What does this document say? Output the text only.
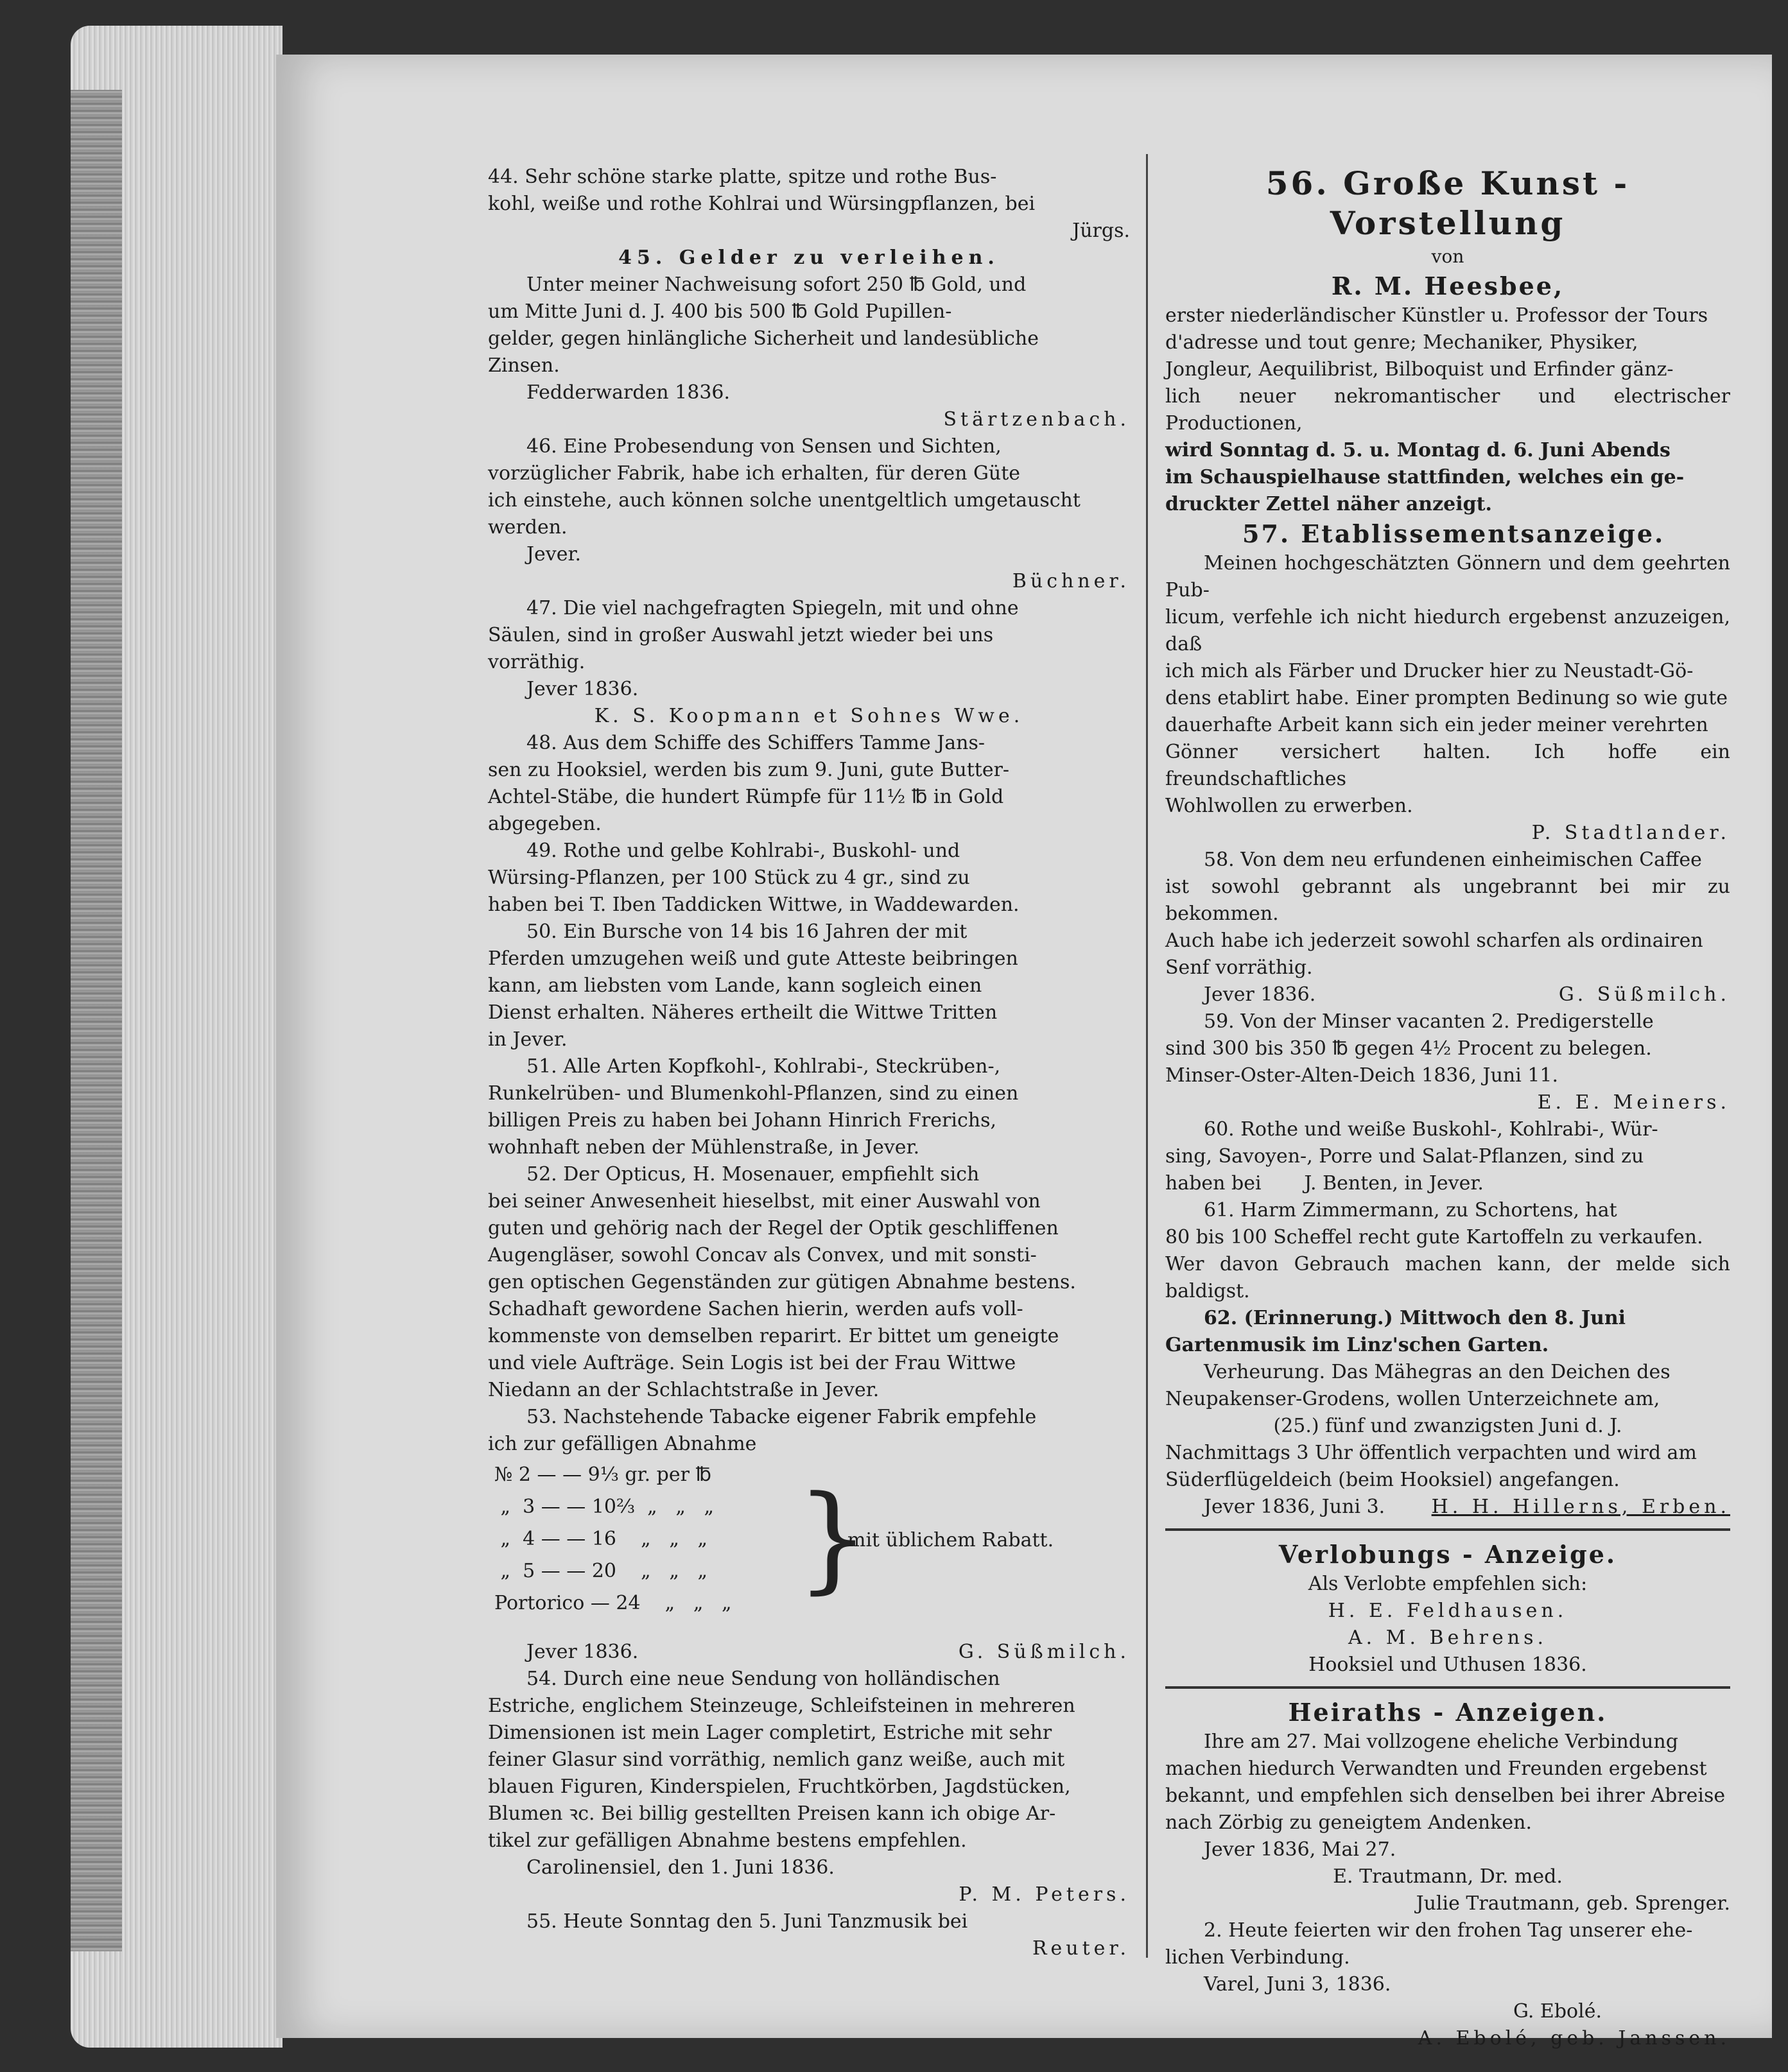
44. Sehr schöne starke platte, spitze und rothe Bus-

kohl, weiße und rothe Kohlrai und Würsingpflanzen, bei

Jürgs.

45. Gelder zu verleihen.

Unter meiner Nachweisung sofort 250 ℔ Gold, und

um Mitte Juni d. J. 400 bis 500 ℔ Gold Pupillen-

gelder, gegen hinlängliche Sicherheit und landesübliche

Zinsen.

Fedderwarden 1836.

Stärtzenbach.

46. Eine Probesendung von Sensen und Sichten,

vorzüglicher Fabrik, habe ich erhalten, für deren Güte

ich einstehe, auch können solche unentgeltlich umgetauscht

werden.

Jever.

Büchner.

47. Die viel nachgefragten Spiegeln, mit und ohne

Säulen, sind in großer Auswahl jetzt wieder bei uns

vorräthig.

Jever 1836.

K. S. Koopmann et Sohnes Wwe.

48. Aus dem Schiffe des Schiffers Tamme Jans-

sen zu Hooksiel, werden bis zum 9. Juni, gute Butter-

Achtel-Stäbe, die hundert Rümpfe für 11½ ℔ in Gold

abgegeben.

49. Rothe und gelbe Kohlrabi-, Buskohl- und

Würsing-Pflanzen, per 100 Stück zu 4 gr., sind zu

haben bei T. Iben Taddicken Wittwe, in Waddewarden.

50. Ein Bursche von 14 bis 16 Jahren der mit

Pferden umzugehen weiß und gute Atteste beibringen

kann, am liebsten vom Lande, kann sogleich einen

Dienst erhalten. Näheres ertheilt die Wittwe Tritten

in Jever.

51. Alle Arten Kopfkohl-, Kohlrabi-, Steckrüben-,

Runkelrüben- und Blumenkohl-Pflanzen, sind zu einen

billigen Preis zu haben bei Johann Hinrich Frerichs,

wohnhaft neben der Mühlenstraße, in Jever.

52. Der Opticus, H. Mosenauer, empfiehlt sich

bei seiner Anwesenheit hieselbst, mit einer Auswahl von

guten und gehörig nach der Regel der Optik geschliffenen

Augengläser, sowohl Concav als Convex, und mit sonsti-

gen optischen Gegenständen zur gütigen Abnahme bestens.

Schadhaft gewordene Sachen hierin, werden aufs voll-

kommenste von demselben reparirt. Er bittet um geneigte

und viele Aufträge. Sein Logis ist bei der Frau Wittwe

Niedann an der Schlachtstraße in Jever.

53. Nachstehende Tabacke eigener Fabrik empfehle

ich zur gefälligen Abnahme

№ 2 — — 9⅓ gr. per ℔
„  3 — — 10⅔  „   „   „
„  4 — — 16    „   „   „
„  5 — — 20    „   „   „
Portorico — 24    „   „   „ }
mit üblichem Rabatt.

Jever 1836.	G. Süßmilch.

54. Durch eine neue Sendung von holländischen

Estriche, englichem Steinzeuge, Schleifsteinen in mehreren

Dimensionen ist mein Lager completirt, Estriche mit sehr

feiner Glasur sind vorräthig, nemlich ganz weiße, auch mit

blauen Figuren, Kinderspielen, Fruchtkörben, Jagdstücken,

Blumen ꝛc. Bei billig gestellten Preisen kann ich obige Ar-

tikel zur gefälligen Abnahme bestens empfehlen.

Carolinensiel, den 1. Juni 1836.

P. M. Peters.

55. Heute Sonntag den 5. Juni Tanzmusik bei

Reuter.

56. Große Kunst - Vorstellung

von

R. M. Heesbee,

erster niederländischer Künstler u. Professor der Tours

d'adresse und tout genre; Mechaniker, Physiker,

Jongleur, Aequilibrist, Bilboquist und Erfinder gänz-

lich neuer nekromantischer und electrischer Productionen,

wird Sonntag d. 5. u. Montag d. 6. Juni Abends

im Schauspielhause stattfinden, welches ein ge-

druckter Zettel näher anzeigt.

57. Etablissementsanzeige.

Meinen hochgeschätzten Gönnern und dem geehrten Pub-

licum, verfehle ich nicht hiedurch ergebenst anzuzeigen, daß

ich mich als Färber und Drucker hier zu Neustadt-Gö-

dens etablirt habe. Einer prompten Bedinung so wie gute

dauerhafte Arbeit kann sich ein jeder meiner verehrten

Gönner versichert halten. Ich hoffe ein freundschaftliches

Wohlwollen zu erwerben.

P. Stadtlander.

58. Von dem neu erfundenen einheimischen Caffee

ist sowohl gebrannt als ungebrannt bei mir zu bekommen.

Auch habe ich jederzeit sowohl scharfen als ordinairen

Senf vorräthig.

Jever 1836.	G. Süßmilch.

59. Von der Minser vacanten 2. Predigerstelle

sind 300 bis 350 ℔ gegen 4½ Procent zu belegen.

Minser-Oster-Alten-Deich 1836, Juni 11.

E. E. Meiners.

60. Rothe und weiße Buskohl-, Kohlrabi-, Wür-

sing, Savoyen-, Porre und Salat-Pflanzen, sind zu

haben bei       J. Benten, in Jever.

61. Harm Zimmermann, zu Schortens, hat

80 bis 100 Scheffel recht gute Kartoffeln zu verkaufen.

Wer davon Gebrauch machen kann, der melde sich baldigst.

62. (Erinnerung.) Mittwoch den 8. Juni

Gartenmusik im Linz'schen Garten.

Verheurung. Das Mähegras an den Deichen des

Neupakenser-Grodens, wollen Unterzeichnete am,

(25.) fünf und zwanzigsten Juni d. J.

Nachmittags 3 Uhr öffentlich verpachten und wird am

Süderflügeldeich (beim Hooksiel) angefangen.

Jever 1836, Juni 3.	H. H. Hillerns, Erben.

Verlobungs - Anzeige.

Als Verlobte empfehlen sich:

H. E. Feldhausen.

A. M. Behrens.

Hooksiel und Uthusen 1836.

Heiraths - Anzeigen.

Ihre am 27. Mai vollzogene eheliche Verbindung

machen hiedurch Verwandten und Freunden ergebenst

bekannt, und empfehlen sich denselben bei ihrer Abreise

nach Zörbig zu geneigtem Andenken.

Jever 1836, Mai 27.

E. Trautmann, Dr. med.

Julie Trautmann, geb. Sprenger.

2. Heute feierten wir den frohen Tag unserer ehe-

lichen Verbindung.

Varel, Juni 3, 1836.

G. Ebolé.

A. Ebolé, geb. Janssen.
